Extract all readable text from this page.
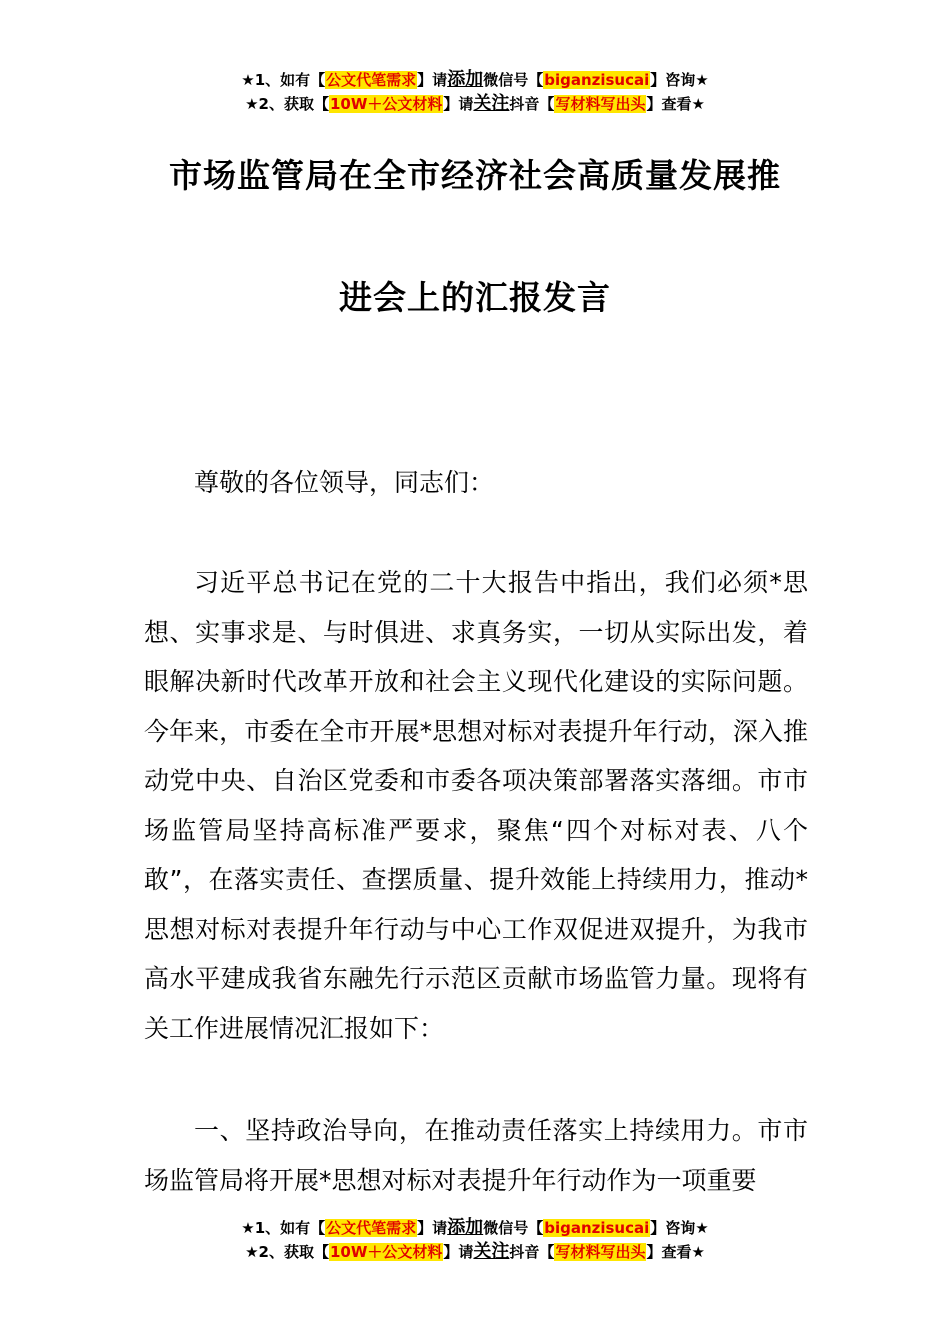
★1、如有【公文代笔需求】请添加微信号【biganzisucai】咨询★
★2、获取【10W＋公文材料】请关注抖音【写材料写出头】查看★
市场监管局在全市经济社会高质量发展推
进会上的汇报发言

尊敬的各位领导，同志们：

习近平总书记在党的二十大报告中指出，我们必须*思想、实事求是、与时俱进、求真务实，一切从实际出发，着眼解决新时代改革开放和社会主义现代化建设的实际问题。今年来，市委在全市开展*思想对标对表提升年行动，深入推动党中央、自治区党委和市委各项决策部署落实落细。市市场监管局坚持高标准严要求，聚焦“四个对标对表、八个敢”，在落实责任、查摆质量、提升效能上持续用力，推动*思想对标对表提升年行动与中心工作双促进双提升，为我市高水平建成我省东融先行示范区贡献市场监管力量。现将有关工作进展情况汇报如下：

一、坚持政治导向，在推动责任落实上持续用力。市市场监管局将开展*思想对标对表提升年行动作为一项重要

★1、如有【公文代笔需求】请添加微信号【biganzisucai】咨询★
★2、获取【10W＋公文材料】请关注抖音【写材料写出头】查看★
